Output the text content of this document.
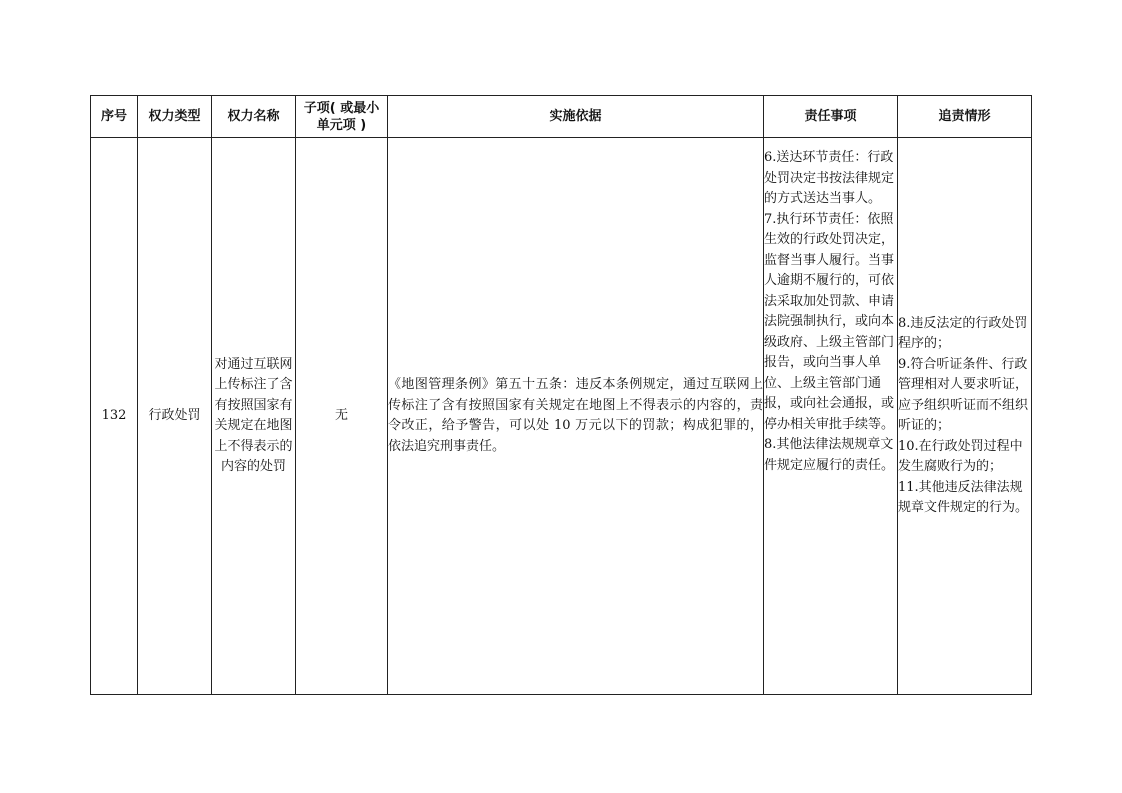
序号	权力类型	权力名称	子项( 或最小
单元项 )	实施依据	责任事项	追责情形
132	行政处罚	对通过互联网上传标注了含有按照国家有关规定在地图上不得表示的内容的处罚	无	《地图管理条例》第五十五条：违反本条例规定，通过互联网上传标注了含有按照国家有关规定在地图上不得表示的内容的，责令改正，给予警告，可以处 10 万元以下的罚款；构成犯罪的，依法追究刑事责任。	6.送达环节责任：行政处罚决定书按法律规定的方式送达当事人。
7.执行环节责任：依照生效的行政处罚决定，监督当事人履行。当事人逾期不履行的，可依法采取加处罚款、申请法院强制执行，或向本级政府、上级主管部门报告，或向当事人单位、上级主管部门通报，或向社会通报，或停办相关审批手续等。
8.其他法律法规规章文件规定应履行的责任。	8.违反法定的行政处罚程序的；
9.符合听证条件、行政管理相对人要求听证，应予组织听证而不组织听证的；
10.在行政处罚过程中发生腐败行为的；
11.其他违反法律法规规章文件规定的行为。
